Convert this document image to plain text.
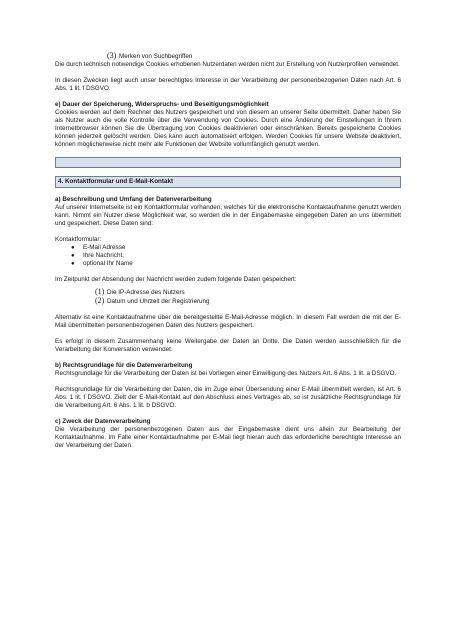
(3) Merken von Suchbegriffen

Die durch technisch notwendige Cookies erhobenen Nutzerdaten werden nicht zur Erstellung von Nutzerprofilen verwendet.

In diesen Zwecken liegt auch unser berechtigtes Interesse in der Verarbeitung der personenbezogenen Daten nach Art. 6 Abs. 1 lit. f DSGVO.

e) Dauer der Speicherung, Widerspruchs- und Beseitigungsmöglichkeit

Cookies werden auf dem Rechner des Nutzers gespeichert und von diesem an unserer Seite übermittelt. Daher haben Sie als Nutzer auch die volle Kontrolle über die Verwendung von Cookies. Durch eine Änderung der Einstellungen in Ihrem Internetbrowser können Sie die Übertragung von Cookies deaktivieren oder einschränken. Bereits gespeicherte Cookies können jederzeit gelöscht werden. Dies kann auch automatisiert erfolgen. Werden Cookies für unsere Website deaktiviert, können möglicherweise nicht mehr alle Funktionen der Website vollumfänglich genutzt werden.

4. Kontaktformular und E-Mail-Kontakt

a) Beschreibung und Umfang der Datenverarbeitung

Auf unserer Internetseite ist ein Kontaktformular vorhanden, welches für die elektronische Kontaktaufnahme genutzt werden kann. Nimmt ein Nutzer diese Möglichkeit war, so werden die in der Eingabemaske eingegeben Daten an uns übermittelt und gespeichert. Diese Daten sind:

Kontaktformular:

●	E-Mail Adresse
●	Ihre Nachricht,
●	optional Ihr Name

Im Zeitpunkt der Absendung der Nachricht werden zudem folgende Daten gespeichert:

(1) Die IP-Adresse des Nutzers
(2) Datum und Uhrzeit der Registrierung

Alternativ ist eine Kontaktaufnahme über die bereitgestellte E-Mail-Adresse möglich. In diesem Fall werden die mit der E-Mail übermittelten personenbezogenen Daten des Nutzers gespeichert.

Es erfolgt in diesem Zusammenhang keine Weitergabe der Daten an Dritte. Die Daten werden ausschließlich für die Verarbeitung der Konversation verwendet.

b) Rechtsgrundlage für die Datenverarbeitung

Rechtsgrundlage für die Verarbeitung der Daten ist bei Vorliegen einer Einwilligung des Nutzers Art. 6 Abs. 1 lit. a DSGVO.

Rechtsgrundlage für die Verarbeitung der Daten, die im Zuge einer Übersendung einer E-Mail übermittelt werden, ist Art. 6 Abs. 1 lit. f DSGVO. Zielt der E-Mail-Kontakt auf den Abschluss eines Vertrages ab, so ist zusätzliche Rechtsgrundlage für die Verarbeitung Art. 6 Abs. 1 lit. b DSGVO.

c) Zweck der Datenverarbeitung

Die Verarbeitung der personenbezogenen Daten aus der Eingabemaske dient uns allein zur Bearbeitung der Kontaktaufnahme. Im Falle einer Kontaktaufnahme per E-Mail liegt hieran auch das erforderliche berechtigte Interesse an der Verarbeitung der Daten.
